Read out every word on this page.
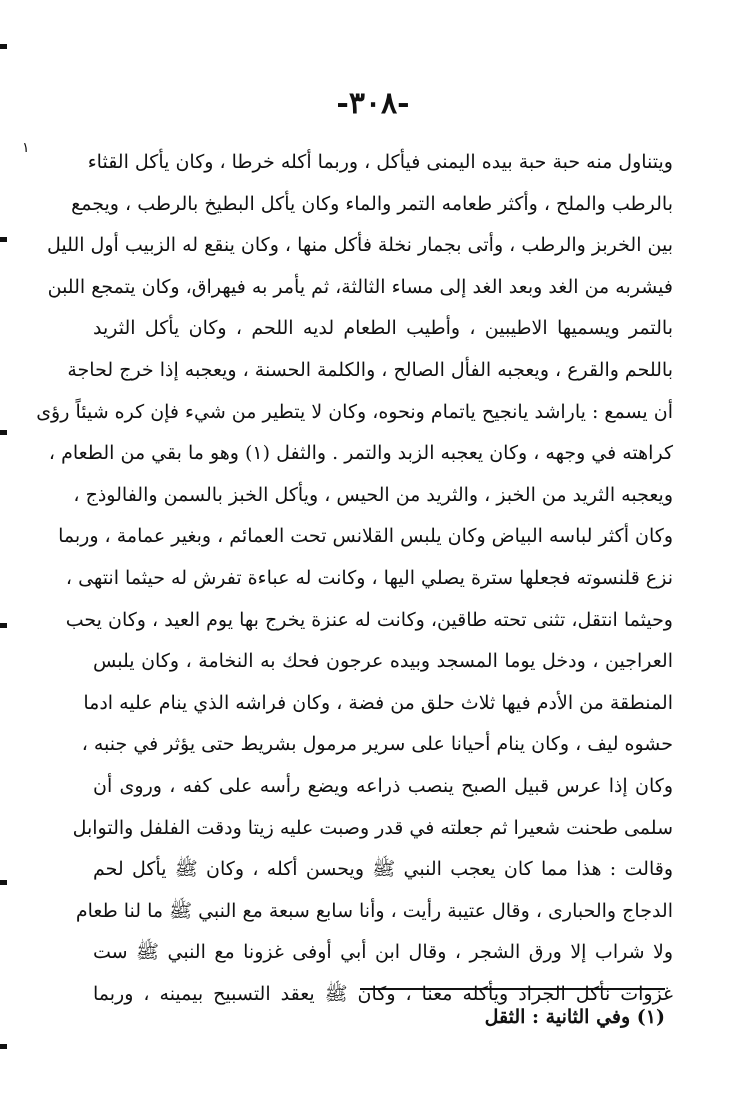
-٣٠٨-
١
ويتناول منه حبة حبة بيده اليمنى فيأكل ، وربما أكله خرطا ، وكان يأكل القثاء
بالرطب والملح ، وأكثر طعامه التمر والماء وكان يأكل البطيخ بالرطب ، ويجمع
بين الخربز والرطب ، وأتى بجمار نخلة فأكل منها ، وكان ينقع له الزبيب أول الليل
فيشربه من الغد وبعد الغد إلى مساء الثالثة، ثم يأمر به فيهراق، وكان يتمجع اللبن
بالتمر ويسميها الاطيبين ، وأطيب الطعام لديه اللحم ، وكان يأكل الثريد
باللحم والقرع ، ويعجبه الفأل الصالح ، والكلمة الحسنة ، ويعجبه إذا خرج لحاجة
أن يسمع : ياراشد يانجيح ياتمام ونحوه، وكان لا يتطير من شيء فإن كره شيئاً رؤى
كراهته في وجهه ، وكان يعجبه الزبد والتمر . والثفل (١) وهو ما بقي من الطعام ،
ويعجبه الثريد من الخبز ، والثريد من الحيس ، ويأكل الخبز بالسمن والفالوذج ،
وكان أكثر لباسه البياض وكان يلبس القلانس تحت العمائم ، وبغير عمامة ، وربما
نزع قلنسوته فجعلها سترة يصلي اليها ، وكانت له عباءة تفرش له حيثما انتهى ،
وحيثما انتقل، تثنى تحته طاقين، وكانت له عنزة يخرج بها يوم العيد ، وكان يحب
العراجين ، ودخل يوما المسجد وبيده عرجون فحك به النخامة ، وكان يلبس
المنطقة من الأدم فيها ثلاث حلق من فضة ، وكان فراشه الذي ينام عليه ادما
حشوه ليف ، وكان ينام أحيانا على سرير مرمول بشريط حتى يؤثر في جنبه ،
وكان إذا عرس قبيل الصبح ينصب ذراعه ويضع رأسه على كفه ، وروى أن
سلمى طحنت شعيرا ثم جعلته في قدر وصبت عليه زيتا ودقت الفلفل والتوابل
وقالت : هذا مما كان يعجب النبي ﷺ ويحسن أكله ، وكان ﷺ يأكل لحم
الدجاج والحبارى ، وقال عتيبة رأيت ، وأنا سابع سبعة مع النبي ﷺ ما لنا طعام
ولا شراب إلا ورق الشجر ، وقال ابن أبي أوفى غزونا مع النبي ﷺ ست
غزوات نأكل الجراد ويأكله معنا ، وكان ﷺ يعقد التسبيح بيمينه ، وربما
(١) وفي الثانية : الثقل
